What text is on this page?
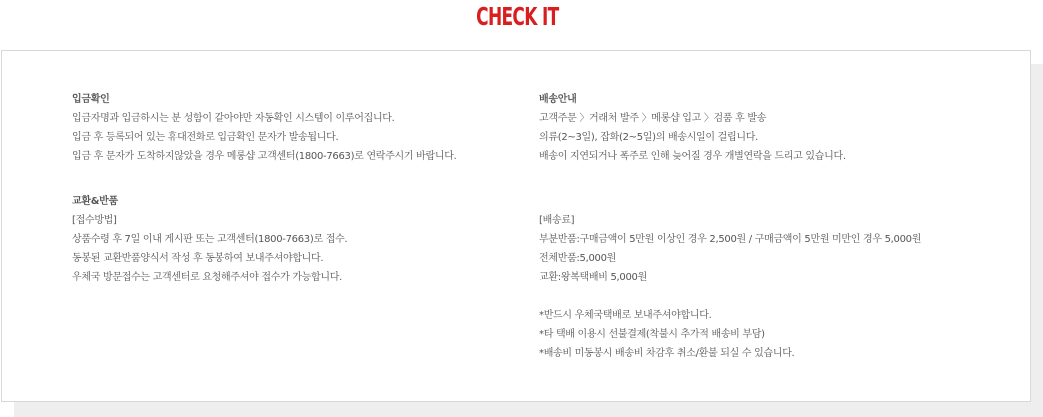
CHECK IT
입금확인
입금자명과 입금하시는 분 성함이 같아야만 자동확인 시스템이 이루어집니다.
입금 후 등록되어 있는 휴대전화로 입금확인 문자가 발송됩니다.
입금 후 문자가 도착하지않았을 경우 메롱샵 고객센터(1800-7663)로 연락주시기 바랍니다.
교환&반품
[접수방법]
상품수령 후 7일 이내 게시판 또는 고객센터(1800-7663)로 접수.
동봉된 교환반품양식서 작성 후 동봉하여 보내주셔야합니다.
우체국 방문접수는 고객센터로 요청해주셔야 접수가 가능합니다.
배송안내
고객주문 〉거래처 발주 〉메롱샵 입고 〉검품 후 발송
의류(2~3일), 잡화(2~5일)의 배송시일이 걸립니다.
배송이 지연되거나 폭주로 인해 늦어질 경우 개별연락을 드리고 있습니다.
[배송료]
부분반품:구매금액이 5만원 이상인 경우 2,500원 / 구매금액이 5만원 미만인 경우 5,000원
전체반품:5,000원
교환:왕복택배비 5,000원
*반드시 우체국택배로 보내주셔야합니다.
*타 택배 이용시 선불결제(착불시 추가적 배송비 부담)
*배송비 미동봉시 배송비 차감후 취소/환불 되실 수 있습니다.
